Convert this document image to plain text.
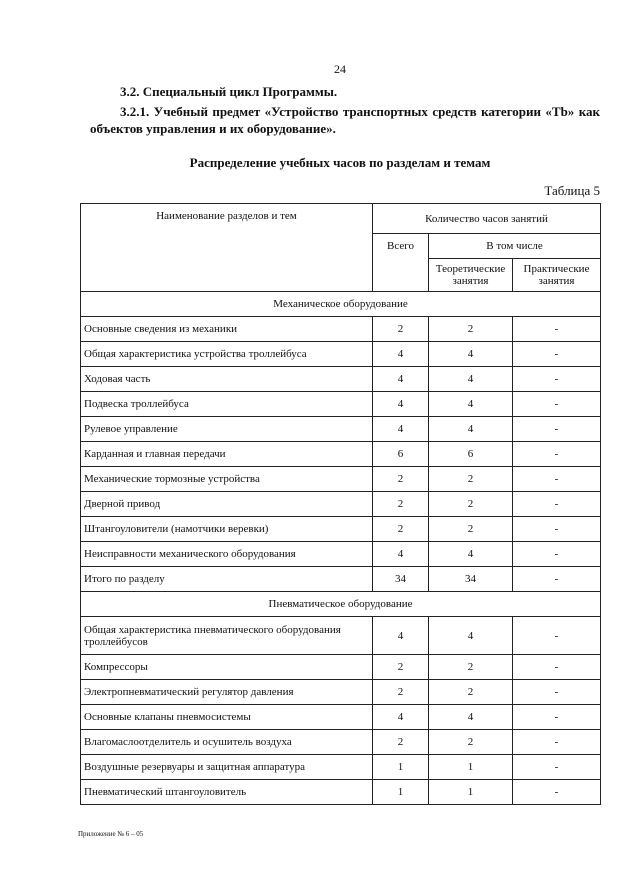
24
3.2. Специальный цикл Программы.
3.2.1. Учебный предмет «Устройство транспортных средств категории «Tb» как объектов управления и их оборудование».
Распределение учебных часов по разделам и темам
Таблица 5
Наименование разделов и тем	Количество часов занятий		
	Всего	В том числе	
		Теоретические занятия	Практические занятия
Механическое оборудование			
Основные сведения из механики	2	2	-
Общая характеристика устройства троллейбуса	4	4	-
Ходовая часть	4	4	-
Подвеска троллейбуса	4	4	-
Рулевое управление	4	4	-
Карданная и главная передачи	6	6	-
Механические тормозные устройства	2	2	-
Дверной привод	2	2	-
Штангоуловители (намотчики веревки)	2	2	-
Неисправности механического оборудования	4	4	-
Итого по разделу	34	34	-
Пневматическое оборудование			
Общая характеристика пневматического оборудования троллейбусов	4	4	-
Компрессоры	2	2	-
Электропневматический регулятор давления	2	2	-
Основные клапаны пневмосистемы	4	4	-
Влагомаслоотделитель и осушитель воздуха	2	2	-
Воздушные резервуары и защитная аппаратура	1	1	-
Пневматический штангоуловитель	1	1	-
Приложение № 6 – 05
